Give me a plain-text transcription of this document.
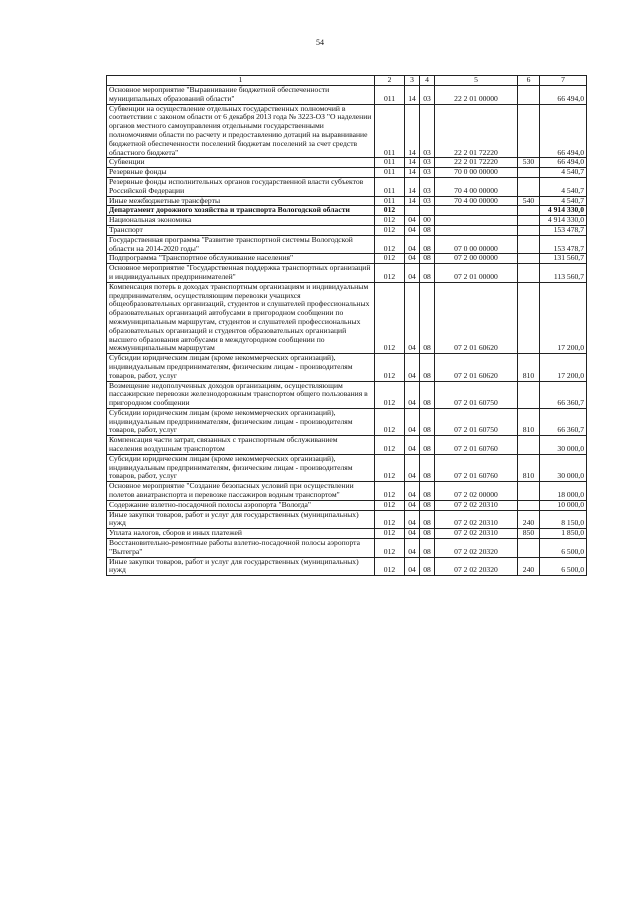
54
1	2	3	4	5	6	7
Основное мероприятие "Выравнивание бюджетной обеспеченности муниципальных образований области"	011	14	03	22 2 01 00000		66 494,0
Субвенции на осуществление отдельных государственных полномочий в соответствии с законом области от 6 декабря 2013 года № 3223-ОЗ "О наделении органов местного самоуправления отдельными государственными полномочиями области по расчету и предоставлению дотаций на выравнивание бюджетной обеспеченности поселений бюджетам поселений за счет средств областного бюджета"	011	14	03	22 2 01 72220		66 494,0
Субвенции	011	14	03	22 2 01 72220	530	66 494,0
Резервные фонды	011	14	03	70 0 00 00000		4 540,7
Резервные фонды исполнительных органов государственной власти субъектов Российской Федерации	011	14	03	70 4 00 00000		4 540,7
Иные межбюджетные трансферты	011	14	03	70 4 00 00000	540	4 540,7
Департамент дорожного хозяйства и транспорта Вологодской области	012					4 914 330,0
Национальная экономика	012	04	00			4 914 330,0
Транспорт	012	04	08			153 478,7
Государственная программа "Развитие транспортной системы Вологодской области на 2014-2020 годы"	012	04	08	07 0 00 00000		153 478,7
Подпрограмма "Транспортное обслуживание населения"	012	04	08	07 2 00 00000		131 560,7
Основное мероприятие "Государственная поддержка транспортных организаций и индивидуальных предпринимателей"	012	04	08	07 2 01 00000		113 560,7
Компенсация потерь в доходах транспортным организациям и индивидуальным предпринимателям, осуществляющим перевозки учащихся общеобразовательных организаций, студентов и слушателей профессиональных образовательных организаций автобусами в пригородном сообщении по межмуниципальным маршрутам, студентов и слушателей профессиональных образовательных организаций и студентов образовательных организаций высшего образования автобусами в междугородном сообщении по межмуниципальным маршрутам	012	04	08	07 2 01 60620		17 200,0
Субсидии юридическим лицам (кроме некоммерческих организаций), индивидуальным предпринимателям, физическим лицам - производителям товаров, работ, услуг	012	04	08	07 2 01 60620	810	17 200,0
Возмещение недополученных доходов организациям, осуществляющим пассажирские перевозки железнодорожным транспортом общего пользования в пригородном сообщении	012	04	08	07 2 01 60750		66 360,7
Субсидии юридическим лицам (кроме некоммерческих организаций), индивидуальным предпринимателям, физическим лицам - производителям товаров, работ, услуг	012	04	08	07 2 01 60750	810	66 360,7
Компенсация части затрат, связанных с транспортным обслуживанием населения воздушным транспортом	012	04	08	07 2 01 60760		30 000,0
Субсидии юридическим лицам (кроме некоммерческих организаций), индивидуальным предпринимателям, физическим лицам - производителям товаров, работ, услуг	012	04	08	07 2 01 60760	810	30 000,0
Основное мероприятие "Создание безопасных условий при осуществлении полетов авиатранспорта и перевозке пассажиров водным транспортом"	012	04	08	07 2 02 00000		18 000,0
Содержание взлетно-посадочной полосы аэропорта "Вологда"	012	04	08	07 2 02 20310		10 000,0
Иные закупки товаров, работ и услуг для государственных (муниципальных) нужд	012	04	08	07 2 02 20310	240	8 150,0
Уплата налогов, сборов и иных платежей	012	04	08	07 2 02 20310	850	1 850,0
Восстановительно-ремонтные работы взлетно-посадочной полосы аэропорта "Вытегра"	012	04	08	07 2 02 20320		6 500,0
Иные закупки товаров, работ и услуг для государственных (муниципальных) нужд	012	04	08	07 2 02 20320	240	6 500,0
